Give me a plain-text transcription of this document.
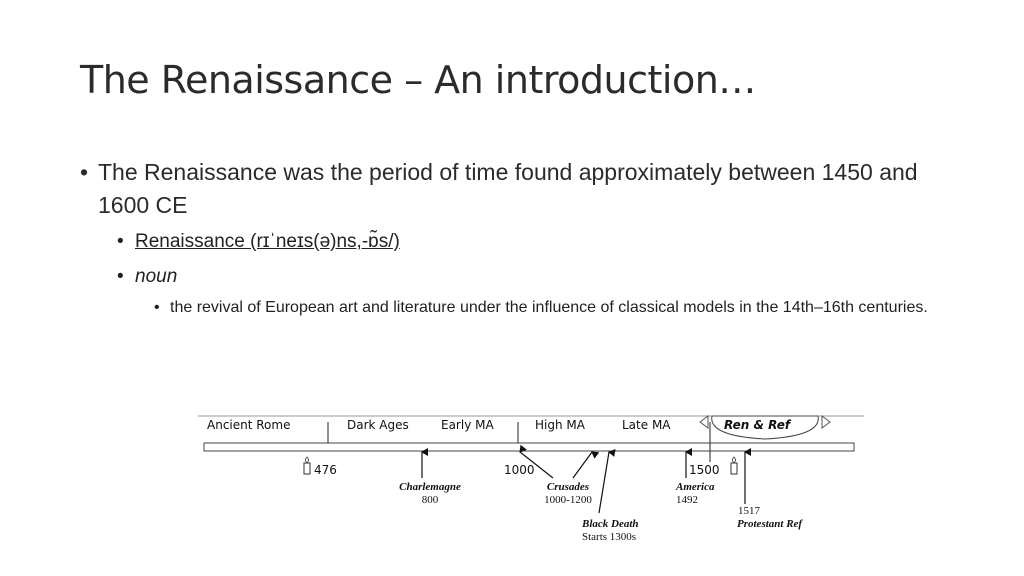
The Renaissance – An introduction…
• The Renaissance was the period of time found approximately between 1450 and 1600 CE
• Renaissance (rɪˈneɪs(ə)ns,-ɒ̃s/)
• noun
• the revival of European art and literature under the influence of classical models in the 14th–16th centuries.
Ancient Rome	Dark Ages	Early MA	High MA	Late MA	Ren & Ref
476	1000	1500
Charlemagne
800
Crusades
1000-1200
Black Death
Starts 1300s
America
1492
1517
Protestant Ref
